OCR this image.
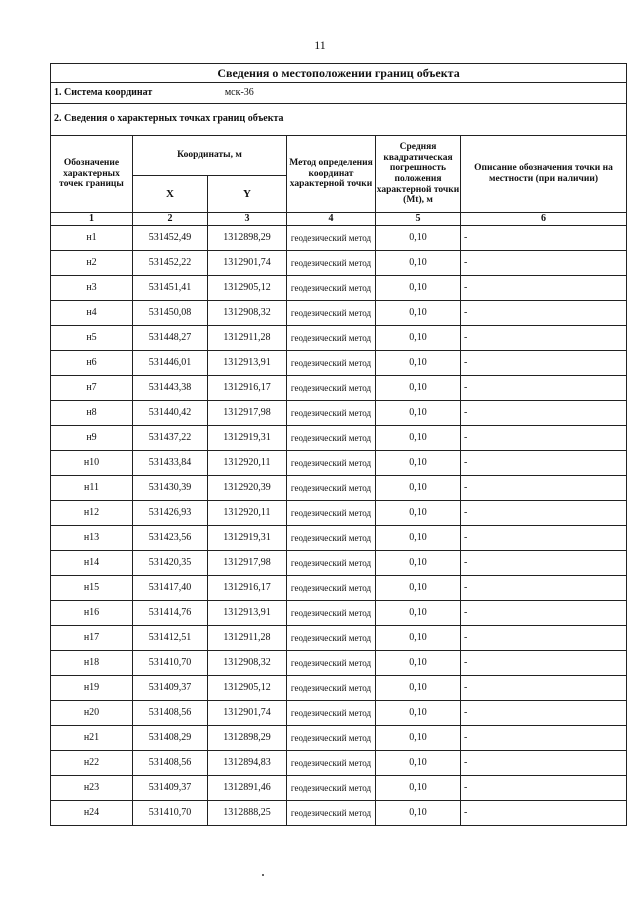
11
Сведения о местоположении границ объекта					
1. Система координат мск-36					
2. Сведения о характерных точках границ объекта					
Обозначение характерных точек границы	Координаты, м		Метод определения координат характерной точки	Средняя квадратическая погрешность положения характерной точки (Mt), м	Описание обозначения точки на местности (при наличии)
	X	Y			
1	2	3	4	5	6
н1	531452,49	1312898,29	геодезический метод	0,10	-
н2	531452,22	1312901,74	геодезический метод	0,10	-
н3	531451,41	1312905,12	геодезический метод	0,10	-
н4	531450,08	1312908,32	геодезический метод	0,10	-
н5	531448,27	1312911,28	геодезический метод	0,10	-
н6	531446,01	1312913,91	геодезический метод	0,10	-
н7	531443,38	1312916,17	геодезический метод	0,10	-
н8	531440,42	1312917,98	геодезический метод	0,10	-
н9	531437,22	1312919,31	геодезический метод	0,10	-
н10	531433,84	1312920,11	геодезический метод	0,10	-
н11	531430,39	1312920,39	геодезический метод	0,10	-
н12	531426,93	1312920,11	геодезический метод	0,10	-
н13	531423,56	1312919,31	геодезический метод	0,10	-
н14	531420,35	1312917,98	геодезический метод	0,10	-
н15	531417,40	1312916,17	геодезический метод	0,10	-
н16	531414,76	1312913,91	геодезический метод	0,10	-
н17	531412,51	1312911,28	геодезический метод	0,10	-
н18	531410,70	1312908,32	геодезический метод	0,10	-
н19	531409,37	1312905,12	геодезический метод	0,10	-
н20	531408,56	1312901,74	геодезический метод	0,10	-
н21	531408,29	1312898,29	геодезический метод	0,10	-
н22	531408,56	1312894,83	геодезический метод	0,10	-
н23	531409,37	1312891,46	геодезический метод	0,10	-
н24	531410,70	1312888,25	геодезический метод	0,10	-
